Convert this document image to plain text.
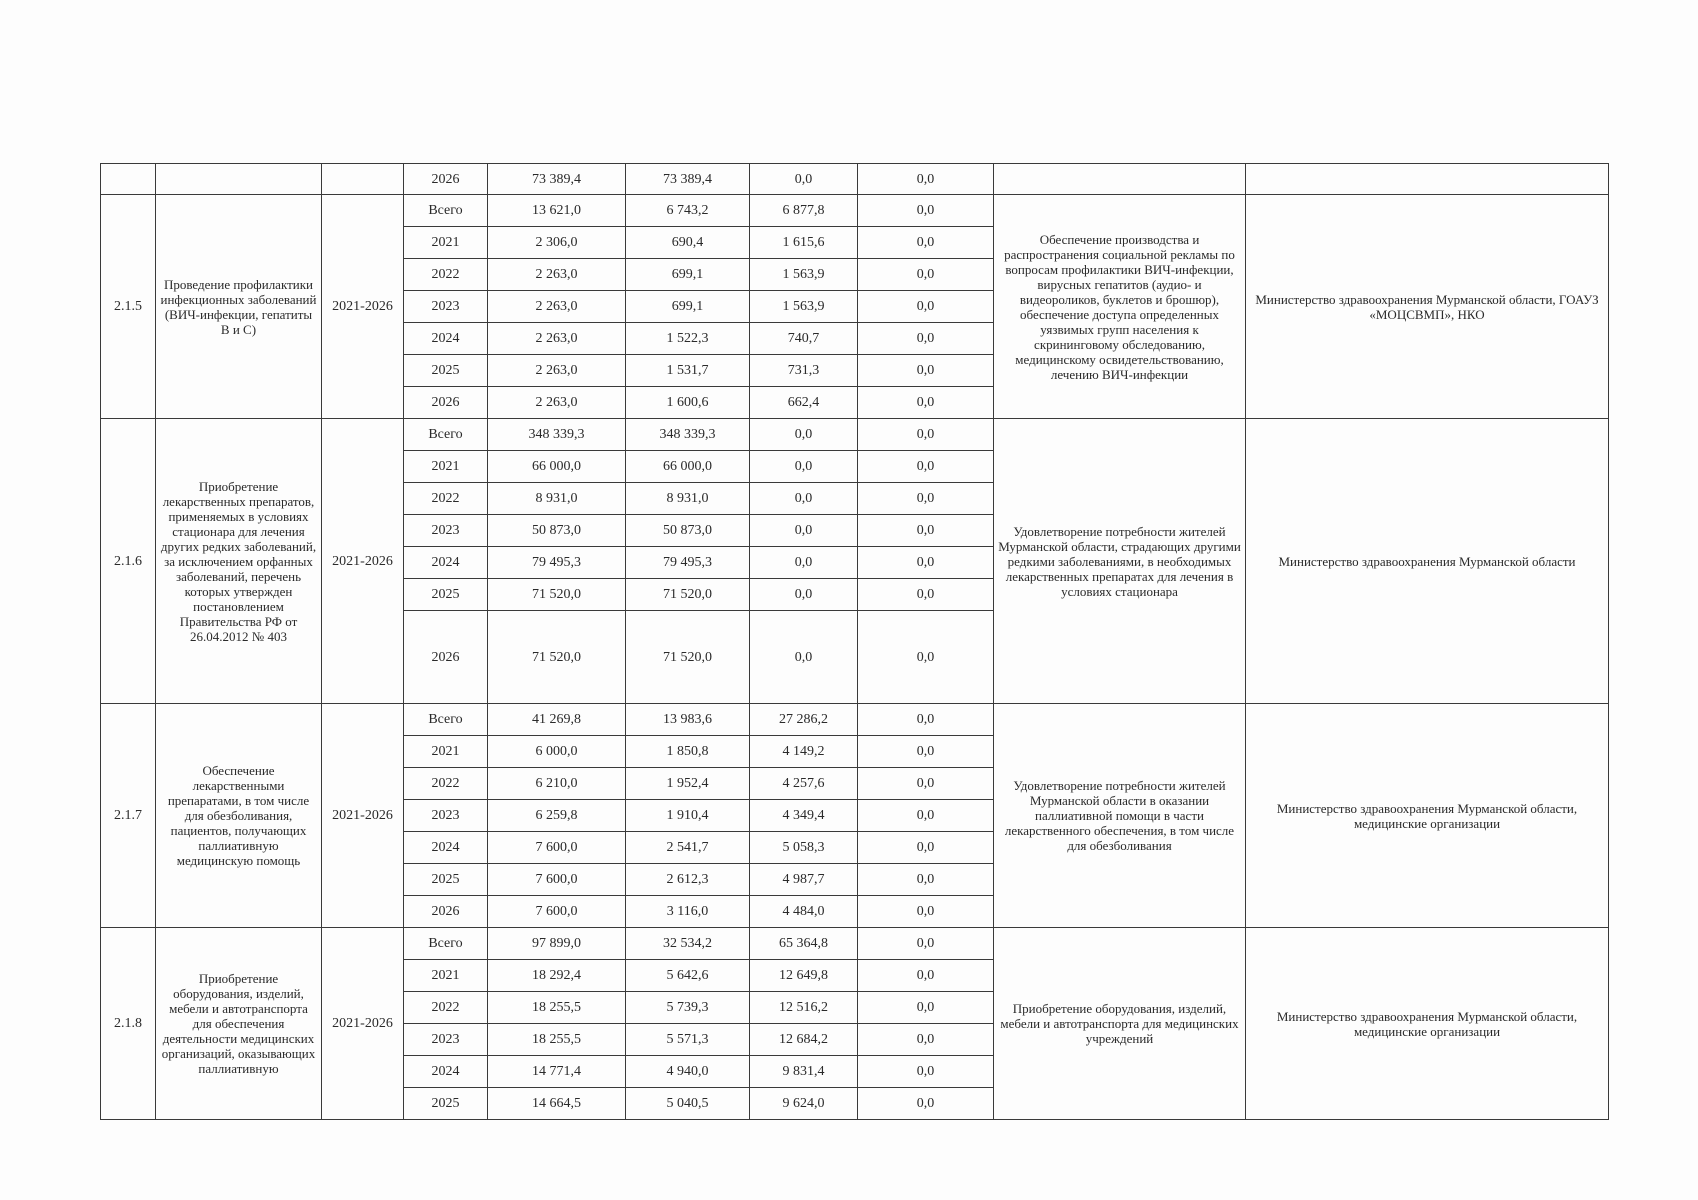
			2026	73 389,4	73 389,4	0,0	0,0		
2.1.5	Проведение профилактики инфекционных заболеваний (ВИЧ-инфекции, гепатиты В и С)	2021-2026	Всего	13 621,0	6 743,2	6 877,8	0,0	Обеспечение производства и распространения социальной рекламы по вопросам профилактики ВИЧ-инфекции, вирусных гепатитов (аудио- и видеороликов, буклетов и брошюр), обеспечение доступа определенных уязвимых групп населения к скрининговому обследованию, медицинскому освидетельствованию, лечению ВИЧ-инфекции	Министерство здравоохранения Мурманской области, ГОАУЗ «МОЦСВМП», НКО
			2021	2 306,0	690,4	1 615,6	0,0		
			2022	2 263,0	699,1	1 563,9	0,0		
			2023	2 263,0	699,1	1 563,9	0,0		
			2024	2 263,0	1 522,3	740,7	0,0		
			2025	2 263,0	1 531,7	731,3	0,0		
			2026	2 263,0	1 600,6	662,4	0,0		
2.1.6	Приобретение лекарственных препаратов, применяемых в условиях стационара для лечения других редких заболеваний, за исключением орфанных заболеваний, перечень которых утвержден постановлением Правительства РФ от 26.04.2012 № 403	2021-2026	Всего	348 339,3	348 339,3	0,0	0,0	Удовлетворение потребности жителей Мурманской области, страдающих другими редкими заболеваниями, в необходимых лекарственных препаратах для лечения в условиях стационара	Министерство здравоохранения Мурманской области
			2021	66 000,0	66 000,0	0,0	0,0		
			2022	8 931,0	8 931,0	0,0	0,0		
			2023	50 873,0	50 873,0	0,0	0,0		
			2024	79 495,3	79 495,3	0,0	0,0		
			2025	71 520,0	71 520,0	0,0	0,0		
			2026	71 520,0	71 520,0	0,0	0,0		
2.1.7	Обеспечение лекарственными препаратами, в том числе для обезболивания, пациентов, получающих паллиативную медицинскую помощь	2021-2026	Всего	41 269,8	13 983,6	27 286,2	0,0	Удовлетворение потребности жителей Мурманской области в оказании паллиативной помощи в части лекарственного обеспечения, в том числе для обезболивания	Министерство здравоохранения Мурманской области, медицинские организации
			2021	6 000,0	1 850,8	4 149,2	0,0		
			2022	6 210,0	1 952,4	4 257,6	0,0		
			2023	6 259,8	1 910,4	4 349,4	0,0		
			2024	7 600,0	2 541,7	5 058,3	0,0		
			2025	7 600,0	2 612,3	4 987,7	0,0		
			2026	7 600,0	3 116,0	4 484,0	0,0		
2.1.8	Приобретение оборудования, изделий, мебели и автотранспорта для обеспечения деятельности медицинских организаций, оказывающих паллиативную	2021-2026	Всего	97 899,0	32 534,2	65 364,8	0,0	Приобретение оборудования, изделий, мебели и автотранспорта для медицинских учреждений	Министерство здравоохранения Мурманской области, медицинские организации
			2021	18 292,4	5 642,6	12 649,8	0,0		
			2022	18 255,5	5 739,3	12 516,2	0,0		
			2023	18 255,5	5 571,3	12 684,2	0,0		
			2024	14 771,4	4 940,0	9 831,4	0,0		
			2025	14 664,5	5 040,5	9 624,0	0,0		
